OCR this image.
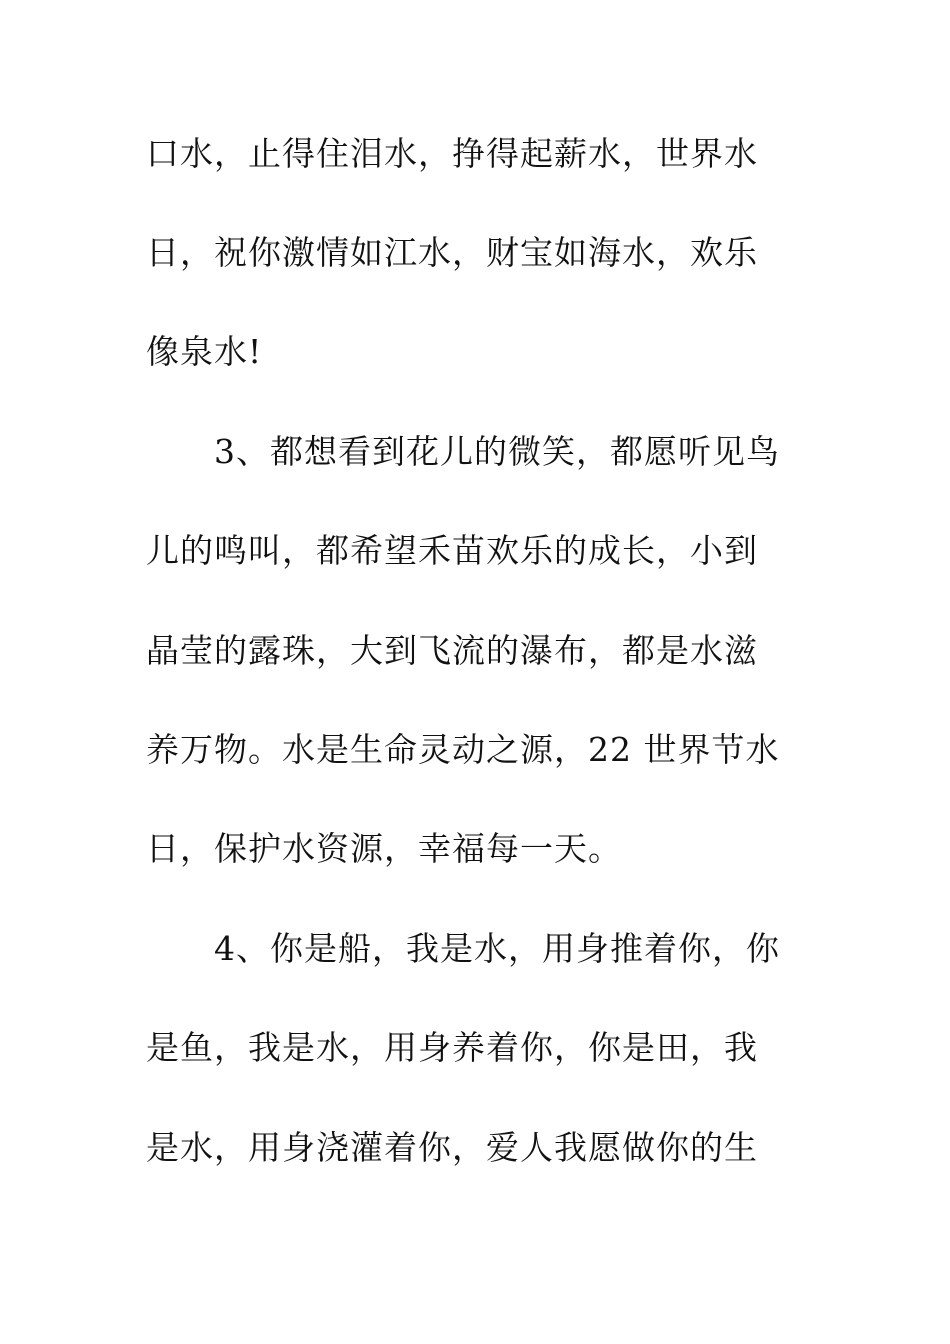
口水，止得住泪水，挣得起薪水，世界水
日，祝你激情如江水，财宝如海水，欢乐
像泉水!
3、都想看到花儿的微笑，都愿听见鸟
儿的鸣叫，都希望禾苗欢乐的成长，小到
晶莹的露珠，大到飞流的瀑布，都是水滋
养万物。水是生命灵动之源，22 世界节水
日，保护水资源，幸福每一天。
4、你是船，我是水，用身推着你，你
是鱼，我是水，用身养着你，你是田，我
是水，用身浇灌着你，爱人我愿做你的生
